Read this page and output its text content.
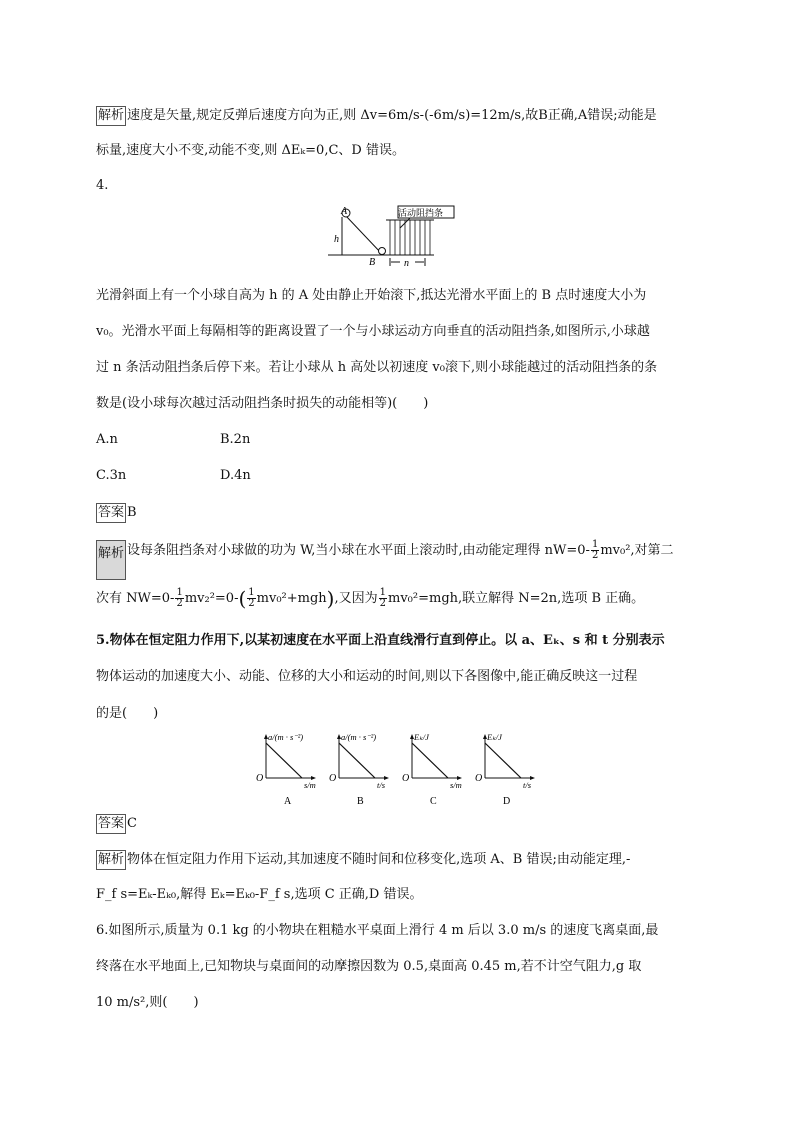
解析 速度是矢量,规定反弹后速度方向为正,则 Δv=6m/s-(-6m/s)=12m/s,故B正确,A错误;动能是
标量,速度大小不变,动能不变,则 ΔEₖ=0,C、D 错误。
4.
A
h
B	n
活动阻挡条
光滑斜面上有一个小球自高为 h 的 A 处由静止开始滚下,抵达光滑水平面上的 B 点时速度大小为
v₀。光滑水平面上每隔相等的距离设置了一个与小球运动方向垂直的活动阻挡条,如图所示,小球越
过 n 条活动阻挡条后停下来。若让小球从 h 高处以初速度 v₀滚下,则小球能越过的活动阻挡条的条
数是(设小球每次越过活动阻挡条时损失的动能相等)(　　)
A.n	B.2n
C.3n	D.4n
答案 B
解析 设每条阻挡条对小球做的功为 W,当小球在水平面上滚动时,由动能定理得 $nW=0- \frac{1}{2} mv_0^2$,对第二
次有 $NW=0- \frac{1}{2} mv_2^2=0-( \frac{1}{2} mv_0^2+mgh)$,又因为 $\frac{1}{2} mv_0^2=mgh$,联立解得 N=2n,选项 B 正确。
5.物体在恒定阻力作用下,以某初速度在水平面上沿直线滑行直到停止。以 a、Eₖ、s 和 t 分别表示
物体运动的加速度大小、动能、位移的大小和运动的时间,则以下各图像中,能正确反映这一过程
的是(　　)
a/(m · s⁻²)
s/m
O
A
a/(m · s⁻²)
t/s
O
B
Eₖ/J
s/m
O
C
Eₖ/J
t/s
O
D
答案 C
解析 物体在恒定阻力作用下运动,其加速度不随时间和位移变化,选项 A、B 错误;由动能定理,-
F_f s=Eₖ-Eₖ₀,解得 Eₖ=Eₖ₀-F_f s,选项 C 正确,D 错误。
6.如图所示,质量为 0.1 kg 的小物块在粗糙水平桌面上滑行 4 m 后以 3.0 m/s 的速度飞离桌面,最
终落在水平地面上,已知物块与桌面间的动摩擦因数为 0.5,桌面高 0.45 m,若不计空气阻力,g 取
10 m/s²,则(　　)
